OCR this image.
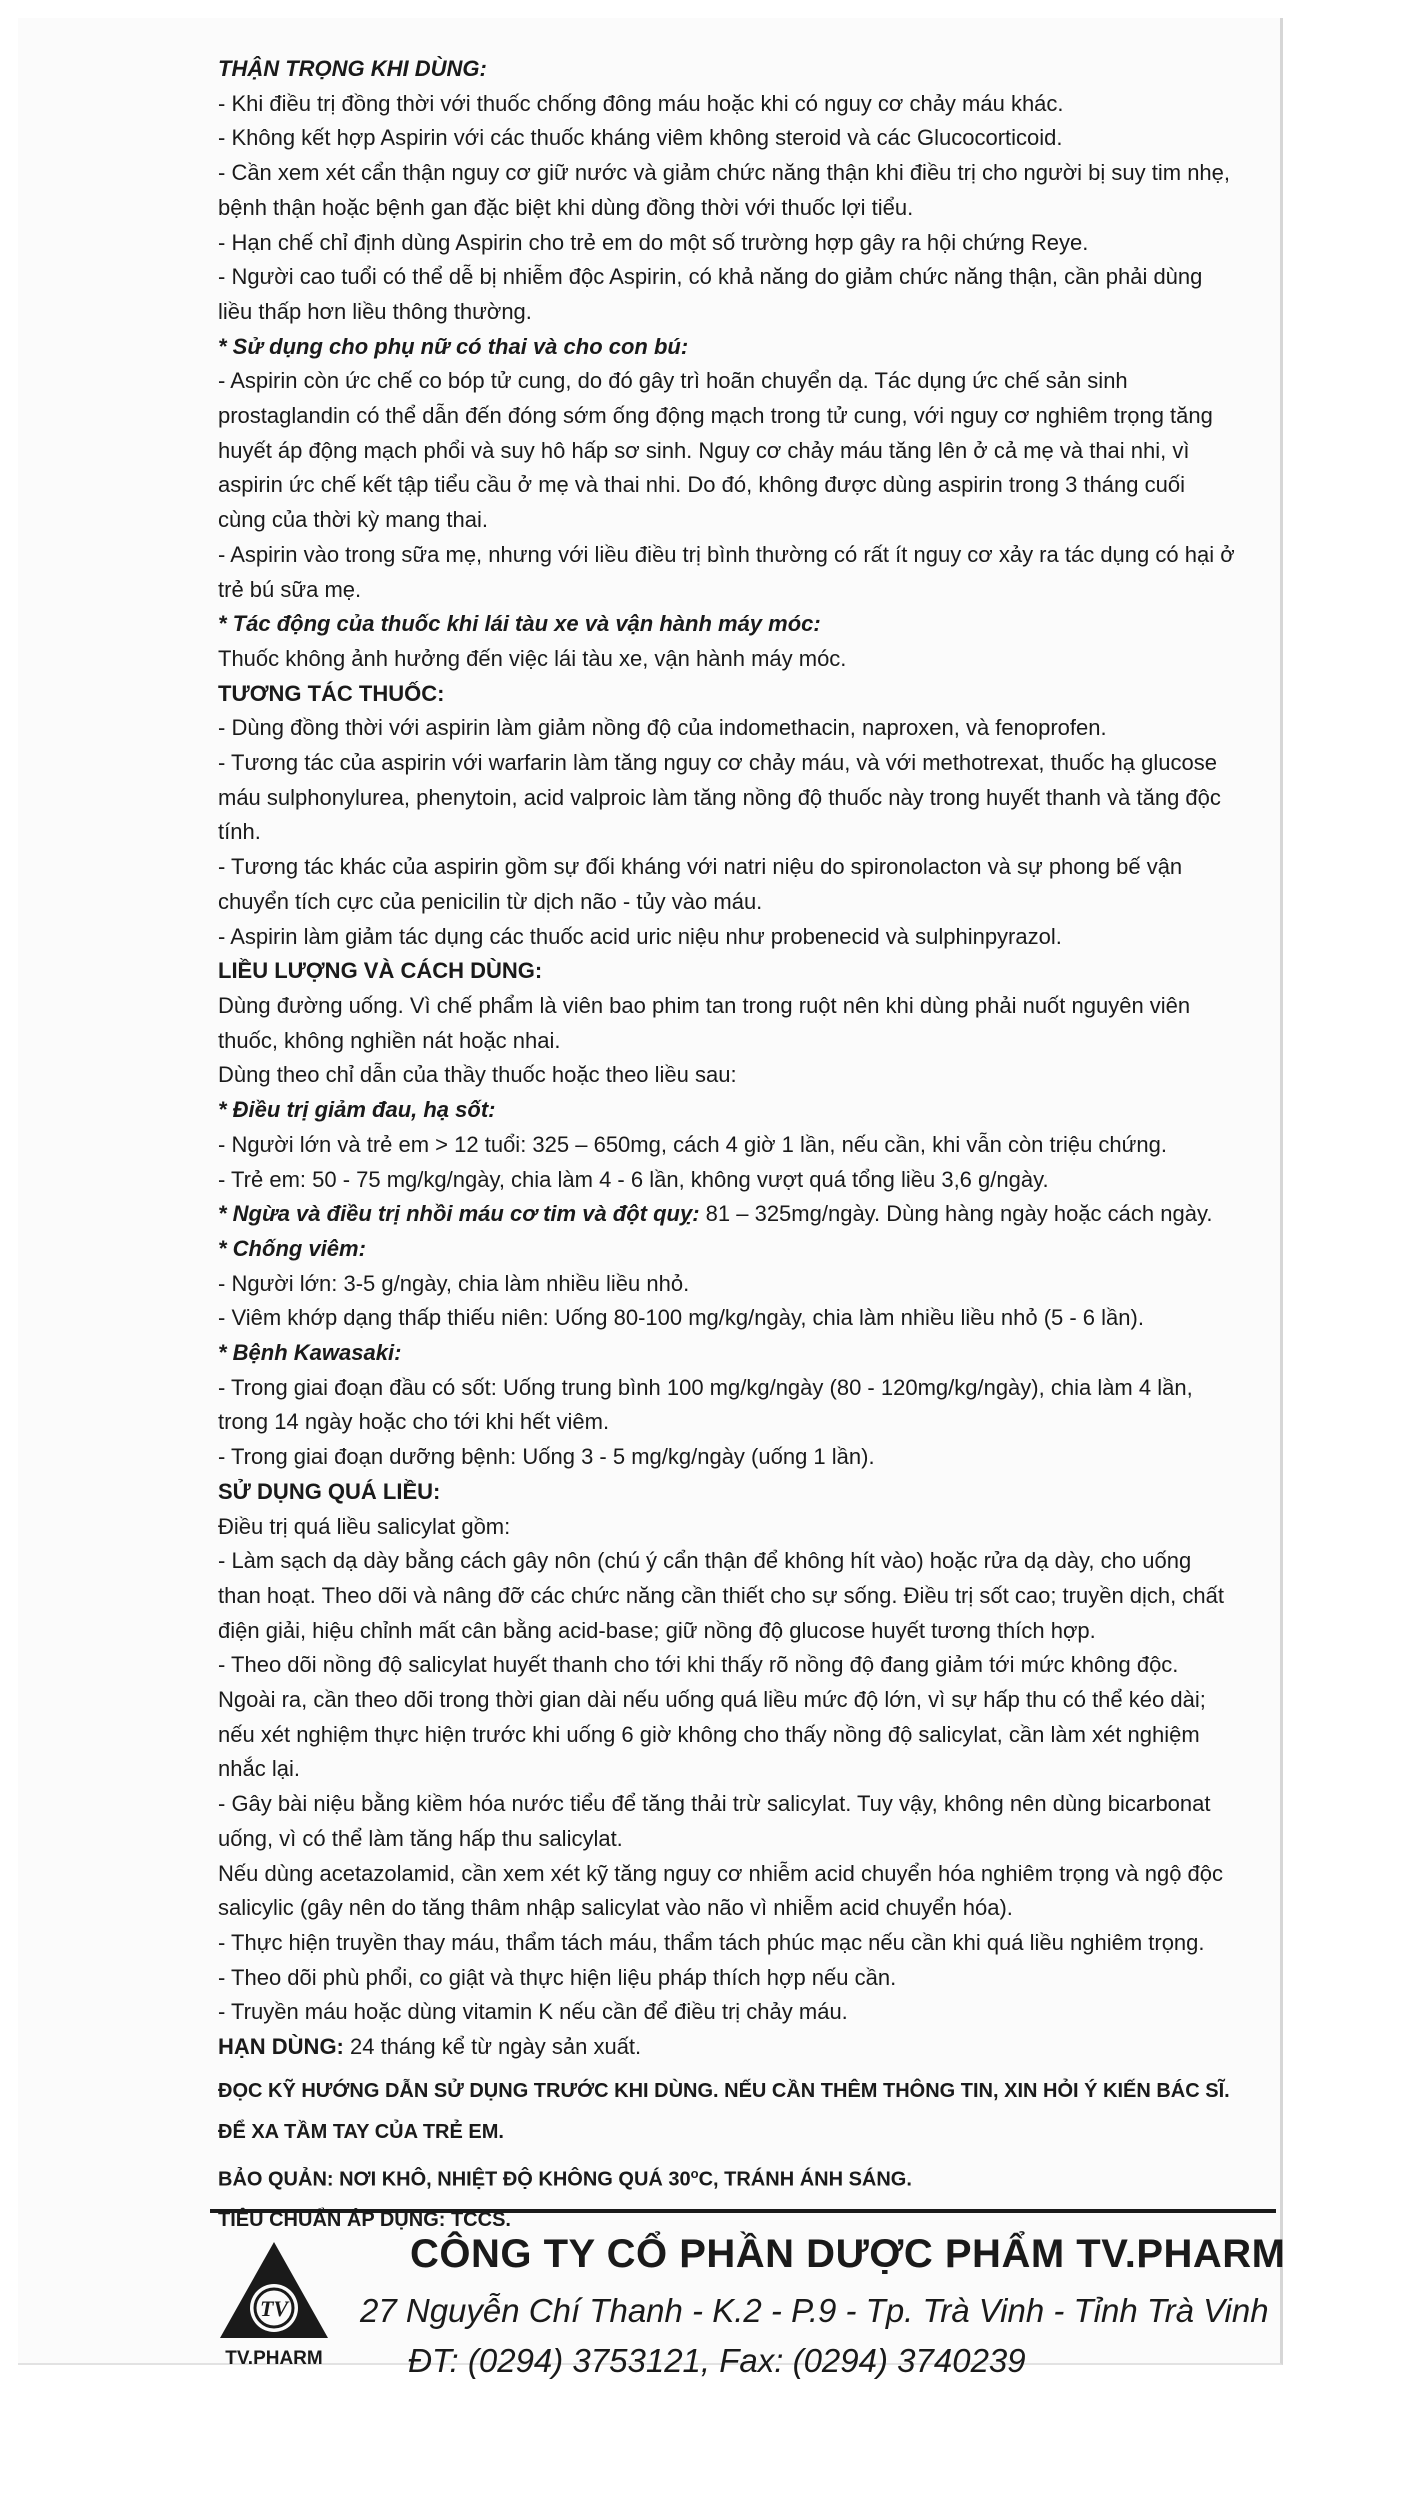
THẬN TRỌNG KHI DÙNG:

- Khi điều trị đồng thời với thuốc chống đông máu hoặc khi có nguy cơ chảy máu khác.

- Không kết hợp Aspirin với các thuốc kháng viêm không steroid và các Glucocorticoid.

- Cần xem xét cẩn thận nguy cơ giữ nước và giảm chức năng thận khi điều trị cho người bị suy tim nhẹ, bệnh thận hoặc bệnh gan đặc biệt khi dùng đồng thời với thuốc lợi tiểu.

- Hạn chế chỉ định dùng Aspirin cho trẻ em do một số trường hợp gây ra hội chứng Reye.

- Người cao tuổi có thể dễ bị nhiễm độc Aspirin, có khả năng do giảm chức năng thận, cần phải dùng liều thấp hơn liều thông thường.

* Sử dụng cho phụ nữ có thai và cho con bú:

- Aspirin còn ức chế co bóp tử cung, do đó gây trì hoãn chuyển dạ. Tác dụng ức chế sản sinh prostaglandin có thể dẫn đến đóng sớm ống động mạch trong tử cung, với nguy cơ nghiêm trọng tăng huyết áp động mạch phổi và suy hô hấp sơ sinh. Nguy cơ chảy máu tăng lên ở cả mẹ và thai nhi, vì aspirin ức chế kết tập tiểu cầu ở mẹ và thai nhi. Do đó, không được dùng aspirin trong 3 tháng cuối cùng của thời kỳ mang thai.

- Aspirin vào trong sữa mẹ, nhưng với liều điều trị bình thường có rất ít nguy cơ xảy ra tác dụng có hại ở trẻ bú sữa mẹ.

* Tác động của thuốc khi lái tàu xe và vận hành máy móc:

Thuốc không ảnh hưởng đến việc lái tàu xe, vận hành máy móc.

TƯƠNG TÁC THUỐC:

- Dùng đồng thời với aspirin làm giảm nồng độ của indomethacin, naproxen, và fenoprofen.

- Tương tác của aspirin với warfarin làm tăng nguy cơ chảy máu, và với methotrexat, thuốc hạ glucose máu sulphonylurea, phenytoin, acid valproic làm tăng nồng độ thuốc này trong huyết thanh và tăng độc tính.

- Tương tác khác của aspirin gồm sự đối kháng với natri niệu do spironolacton và sự phong bế vận chuyển tích cực của penicilin từ dịch não - tủy vào máu.

- Aspirin làm giảm tác dụng các thuốc acid uric niệu như probenecid và sulphinpyrazol.

LIỀU LƯỢNG VÀ CÁCH DÙNG:

Dùng đường uống. Vì chế phẩm là viên bao phim tan trong ruột nên khi dùng phải nuốt nguyên viên thuốc, không nghiền nát hoặc nhai.

Dùng theo chỉ dẫn của thầy thuốc hoặc theo liều sau:

* Điều trị giảm đau, hạ sốt:

- Người lớn và trẻ em > 12 tuổi: 325 – 650mg, cách 4 giờ 1 lần, nếu cần, khi vẫn còn triệu chứng.

- Trẻ em: 50 - 75 mg/kg/ngày, chia làm 4 - 6 lần, không vượt quá tổng liều 3,6 g/ngày.

* Ngừa và điều trị nhồi máu cơ tim và đột quỵ: 81 – 325mg/ngày. Dùng hàng ngày hoặc cách ngày.

* Chống viêm:

- Người lớn: 3-5 g/ngày, chia làm nhiều liều nhỏ.

- Viêm khớp dạng thấp thiếu niên: Uống 80-100 mg/kg/ngày, chia làm nhiều liều nhỏ (5 - 6 lần).

* Bệnh Kawasaki:

- Trong giai đoạn đầu có sốt: Uống trung bình 100 mg/kg/ngày (80 - 120mg/kg/ngày), chia làm 4 lần, trong 14 ngày hoặc cho tới khi hết viêm.

- Trong giai đoạn dưỡng bệnh: Uống 3 - 5 mg/kg/ngày (uống 1 lần).

SỬ DỤNG QUÁ LIỀU:

Điều trị quá liều salicylat gồm:

- Làm sạch dạ dày bằng cách gây nôn (chú ý cẩn thận để không hít vào) hoặc rửa dạ dày, cho uống than hoạt. Theo dõi và nâng đỡ các chức năng cần thiết cho sự sống. Điều trị sốt cao; truyền dịch, chất điện giải, hiệu chỉnh mất cân bằng acid-base; giữ nồng độ glucose huyết tương thích hợp.

- Theo dõi nồng độ salicylat huyết thanh cho tới khi thấy rõ nồng độ đang giảm tới mức không độc. Ngoài ra, cần theo dõi trong thời gian dài nếu uống quá liều mức độ lớn, vì sự hấp thu có thể kéo dài; nếu xét nghiệm thực hiện trước khi uống 6 giờ không cho thấy nồng độ salicylat, cần làm xét nghiệm nhắc lại.

- Gây bài niệu bằng kiềm hóa nước tiểu để tăng thải trừ salicylat. Tuy vậy, không nên dùng bicarbonat uống, vì có thể làm tăng hấp thu salicylat.

Nếu dùng acetazolamid, cần xem xét kỹ tăng nguy cơ nhiễm acid chuyển hóa nghiêm trọng và ngộ độc salicylic (gây nên do tăng thâm nhập salicylat vào não vì nhiễm acid chuyển hóa).

- Thực hiện truyền thay máu, thẩm tách máu, thẩm tách phúc mạc nếu cần khi quá liều nghiêm trọng.

- Theo dõi phù phổi, co giật và thực hiện liệu pháp thích hợp nếu cần.

- Truyền máu hoặc dùng vitamin K nếu cần để điều trị chảy máu.

HẠN DÙNG: 24 tháng kể từ ngày sản xuất.

ĐỌC KỸ HƯỚNG DẪN SỬ DỤNG TRƯỚC KHI DÙNG. NẾU CẦN THÊM THÔNG TIN, XIN HỎI Ý KIẾN BÁC SĨ.

ĐỂ XA TẦM TAY CỦA TRẺ EM.

BẢO QUẢN: NƠI KHÔ, NHIỆT ĐỘ KHÔNG QUÁ 30$^o$C, TRÁNH ÁNH SÁNG.

TIÊU CHUẨN ÁP DỤNG: TCCS.

TV
TV.PHARM
CÔNG TY CỔ PHẦN DƯỢC PHẨM TV.PHARM
27 Nguyễn Chí Thanh - K.2 - P.9 - Tp. Trà Vinh - Tỉnh Trà Vinh
ĐT: (0294) 3753121, Fax: (0294) 3740239
